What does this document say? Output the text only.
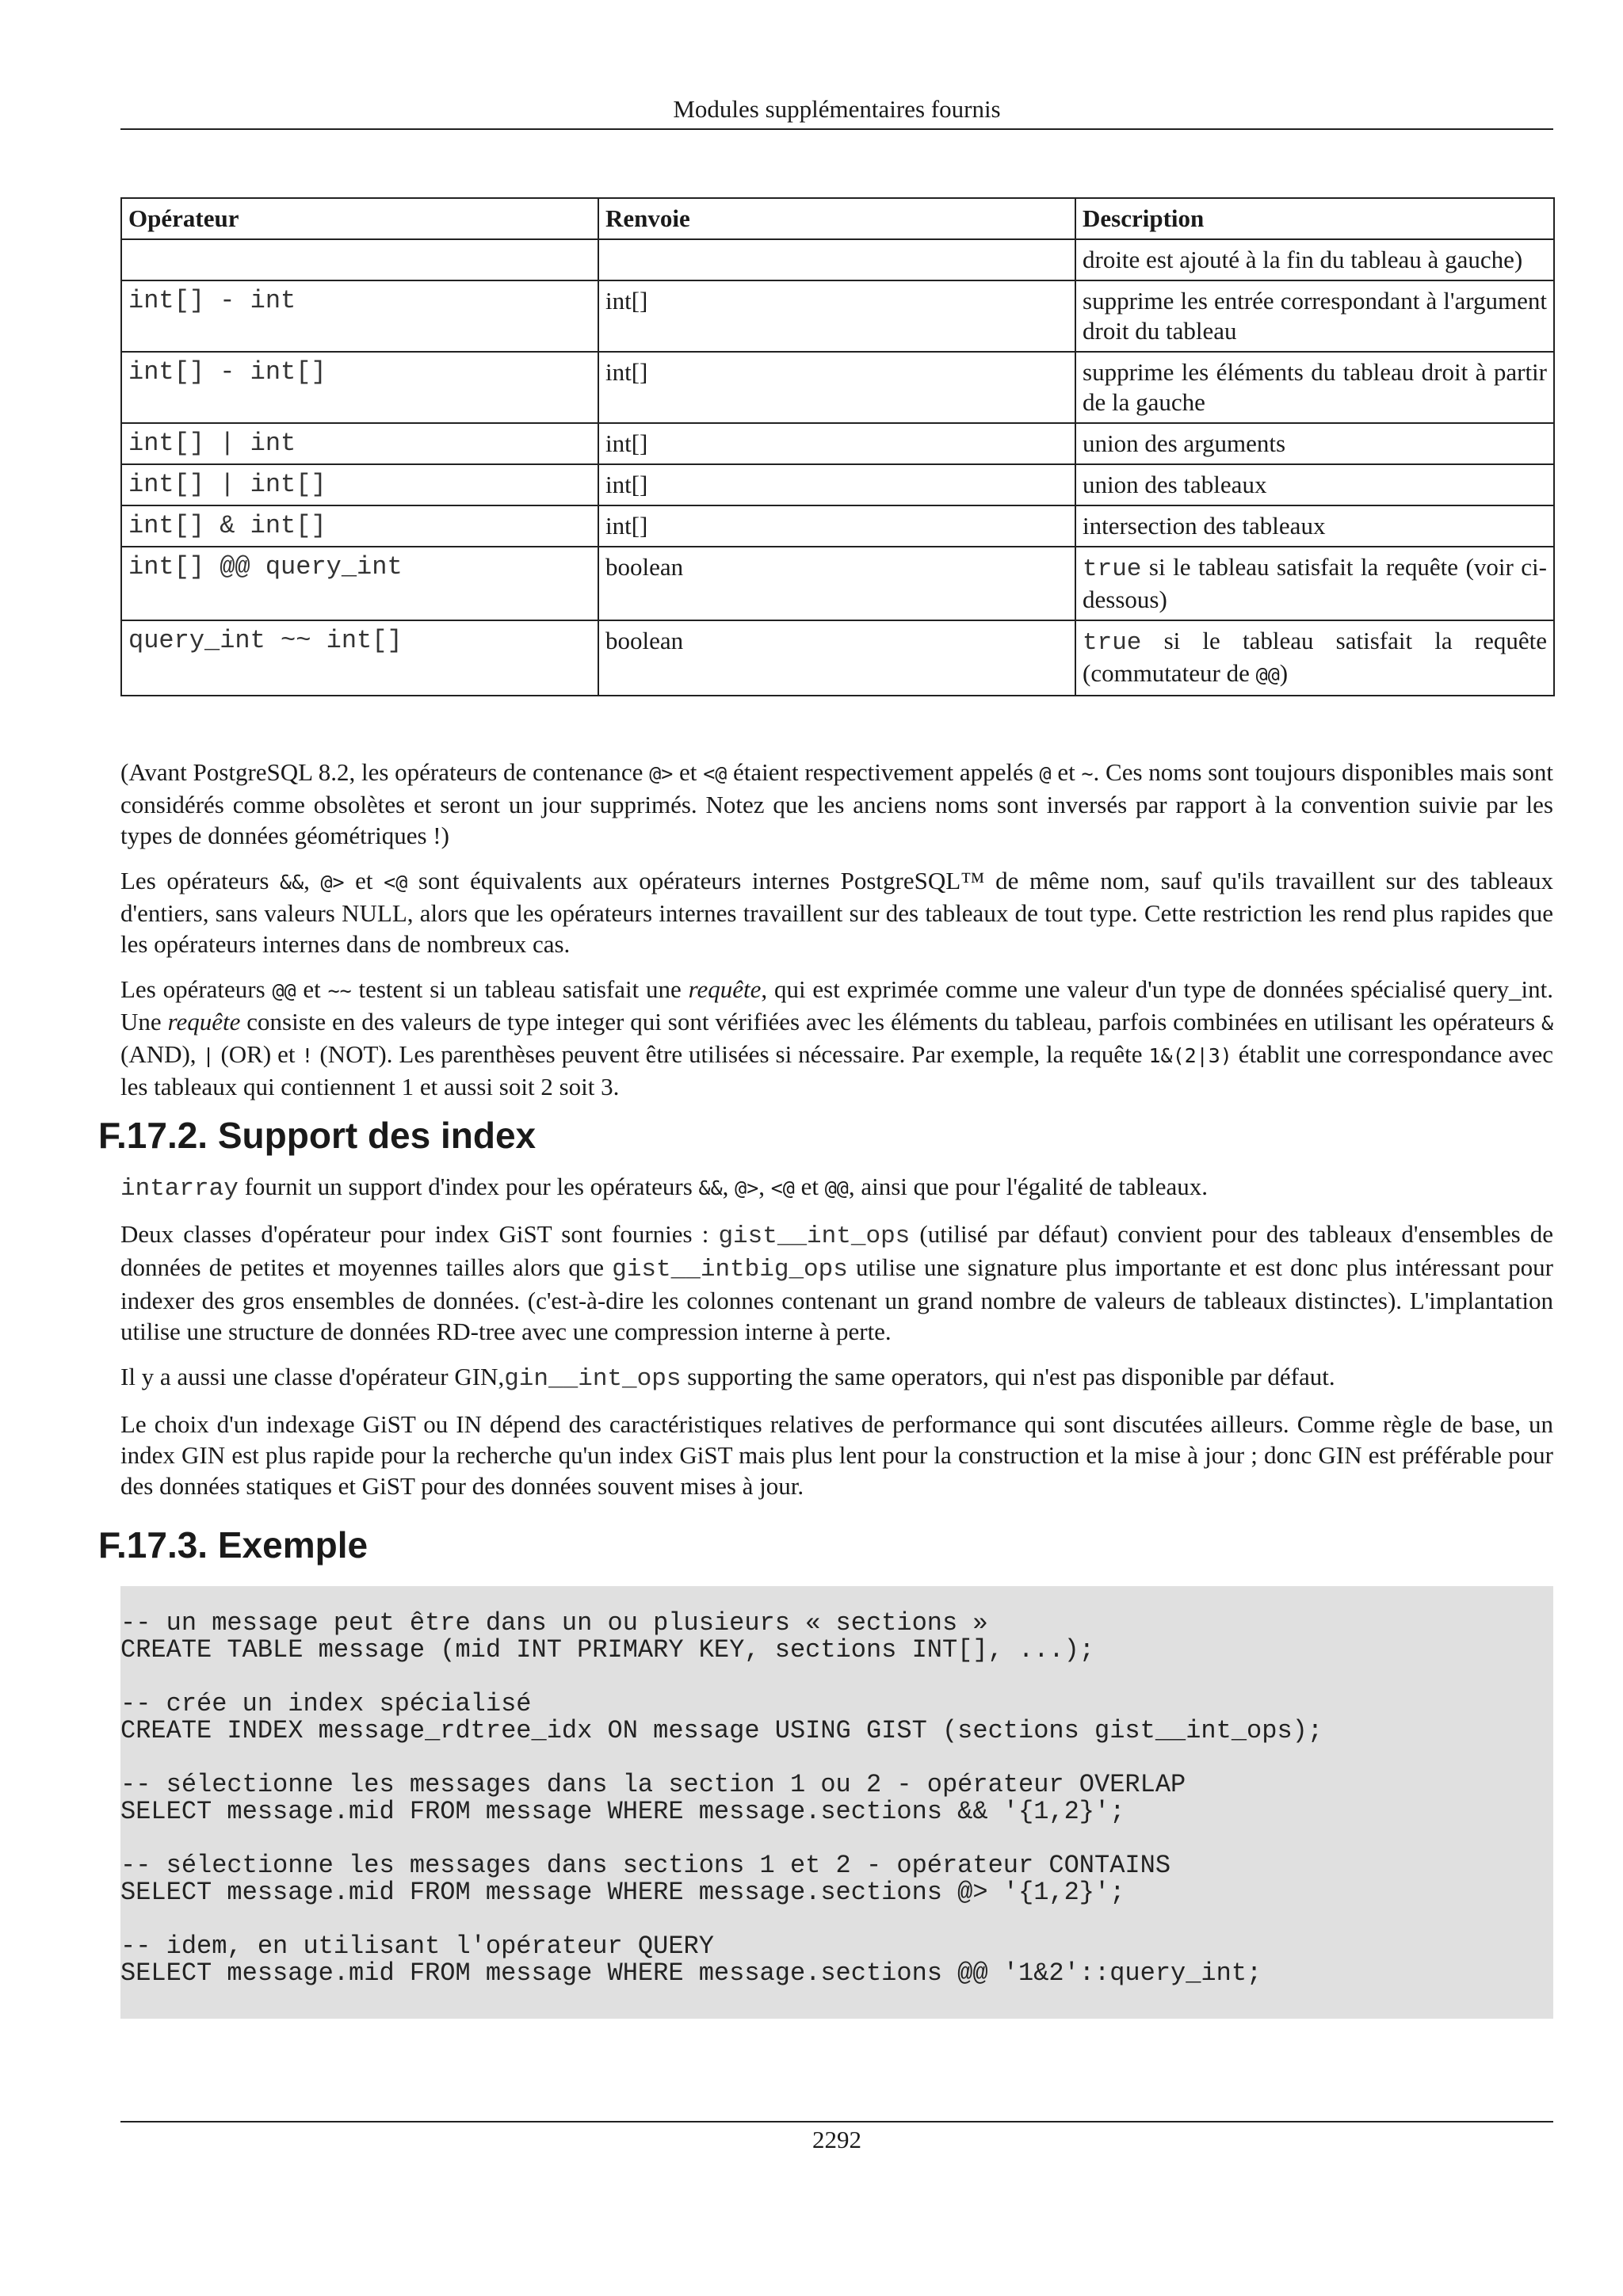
Modules supplémentaires fournis
Opérateur	Renvoie	Description
		droite est ajouté à la fin du tableau à gauche)
int[] - int	int[]	supprime les entrée correspondant à l'argument droit du tableau
int[] - int[]	int[]	supprime les éléments du tableau droit à partir de la gauche
int[] | int	int[]	union des arguments
int[] | int[]	int[]	union des tableaux
int[] & int[]	int[]	intersection des tableaux
int[] @@ query_int	boolean	true si le tableau satisfait la requête (voir ci-dessous)
query_int ~~ int[]	boolean	true si le tableau satisfait la requête (commutateur de @@)

(Avant PostgreSQL 8.2, les opérateurs de contenance @> et <@ étaient respectivement appelés @ et ~. Ces noms sont toujours disponibles mais sont considérés comme obsolètes et seront un jour supprimés. Notez que les anciens noms sont inversés par rapport à la convention suivie par les types de données géométriques !)

Les opérateurs &&, @> et <@ sont équivalents aux opérateurs internes PostgreSQL™ de même nom, sauf qu'ils travaillent sur des tableaux d'entiers, sans valeurs NULL, alors que les opérateurs internes travaillent sur des tableaux de tout type. Cette restriction les rend plus rapides que les opérateurs internes dans de nombreux cas.

Les opérateurs @@ et ~~ testent si un tableau satisfait une requête, qui est exprimée comme une valeur d'un type de données spécialisé query_int. Une requête consiste en des valeurs de type integer qui sont vérifiées avec les éléments du tableau, parfois combinées en utilisant les opérateurs & (AND), | (OR) et ! (NOT). Les parenthèses peuvent être utilisées si nécessaire. Par exemple, la requête 1&(2|3) établit une correspondance avec les tableaux qui contiennent 1 et aussi soit 2 soit 3.

F.17.2. Support des index

intarray fournit un support d'index pour les opérateurs &&, @>, <@ et @@, ainsi que pour l'égalité de tableaux.

Deux classes d'opérateur pour index GiST sont fournies : gist__int_ops (utilisé par défaut) convient pour des tableaux d'ensembles de données de petites et moyennes tailles alors que gist__intbig_ops utilise une signature plus importante et est donc plus intéressant pour indexer des gros ensembles de données. (c'est-à-dire les colonnes contenant un grand nombre de valeurs de tableaux distinctes). L'implantation utilise une structure de données RD-tree avec une compression interne à perte.

Il y a aussi une classe d'opérateur GIN,gin__int_ops supporting the same operators, qui n'est pas disponible par défaut.

Le choix d'un indexage GiST ou IN dépend des caractéristiques relatives de performance qui sont discutées ailleurs. Comme règle de base, un index GIN est plus rapide pour la recherche qu'un index GiST mais plus lent pour la construction et la mise à jour ; donc GIN est préférable pour des données statiques et GiST pour des données souvent mises à jour.

F.17.3. Exemple
-- un message peut être dans un ou plusieurs « sections »
CREATE TABLE message (mid INT PRIMARY KEY, sections INT[], ...);

-- crée un index spécialisé
CREATE INDEX message_rdtree_idx ON message USING GIST (sections gist__int_ops);

-- sélectionne les messages dans la section 1 ou 2 - opérateur OVERLAP
SELECT message.mid FROM message WHERE message.sections && '{1,2}';

-- sélectionne les messages dans sections 1 et 2 - opérateur CONTAINS
SELECT message.mid FROM message WHERE message.sections @> '{1,2}';

-- idem, en utilisant l'opérateur QUERY
SELECT message.mid FROM message WHERE message.sections @@ '1&2'::query_int;
2292
